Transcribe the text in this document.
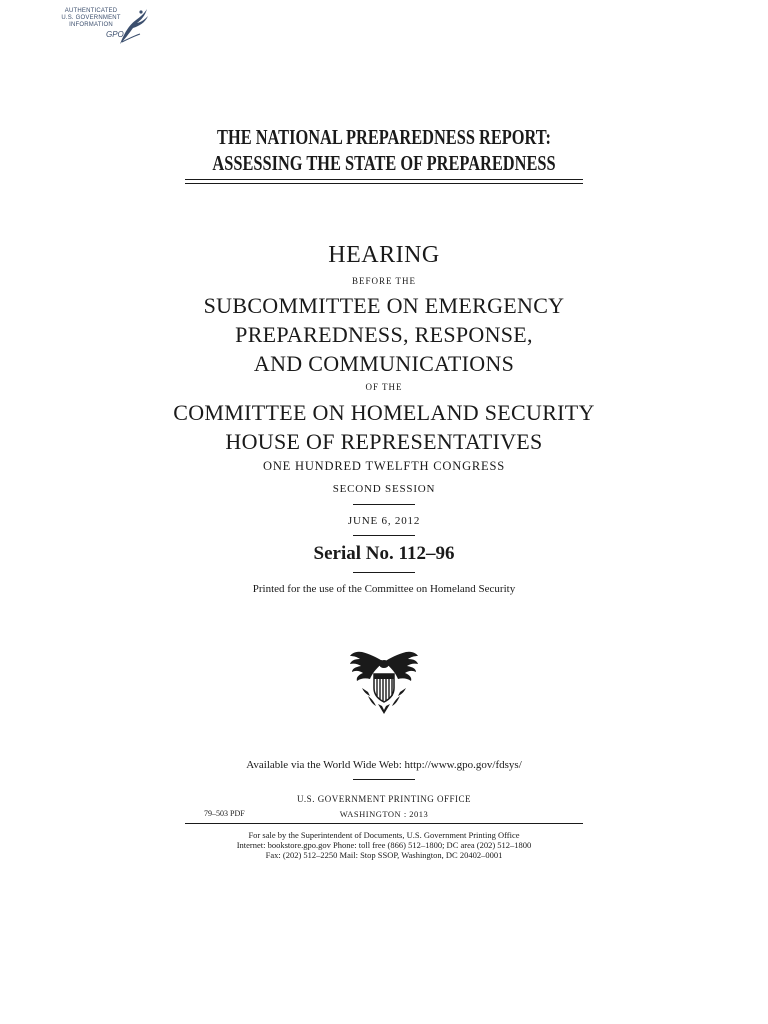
AUTHENTICATED
U.S. GOVERNMENT
INFORMATION
GPO
THE NATIONAL PREPAREDNESS REPORT:
ASSESSING THE STATE OF PREPAREDNESS
HEARING
BEFORE THE
SUBCOMMITTEE ON EMERGENCY
PREPAREDNESS, RESPONSE,
AND COMMUNICATIONS
OF THE
COMMITTEE ON HOMELAND SECURITY
HOUSE OF REPRESENTATIVES
ONE HUNDRED TWELFTH CONGRESS
SECOND SESSION
JUNE 6, 2012
Serial No. 112–96
Printed for the use of the Committee on Homeland Security
Available via the World Wide Web: http://www.gpo.gov/fdsys/
U.S. GOVERNMENT PRINTING OFFICE
79–503 PDF	WASHINGTON : 2013
For sale by the Superintendent of Documents, U.S. Government Printing Office
Internet: bookstore.gpo.gov Phone: toll free (866) 512–1800; DC area (202) 512–1800
Fax: (202) 512–2250 Mail: Stop SSOP, Washington, DC 20402–0001
